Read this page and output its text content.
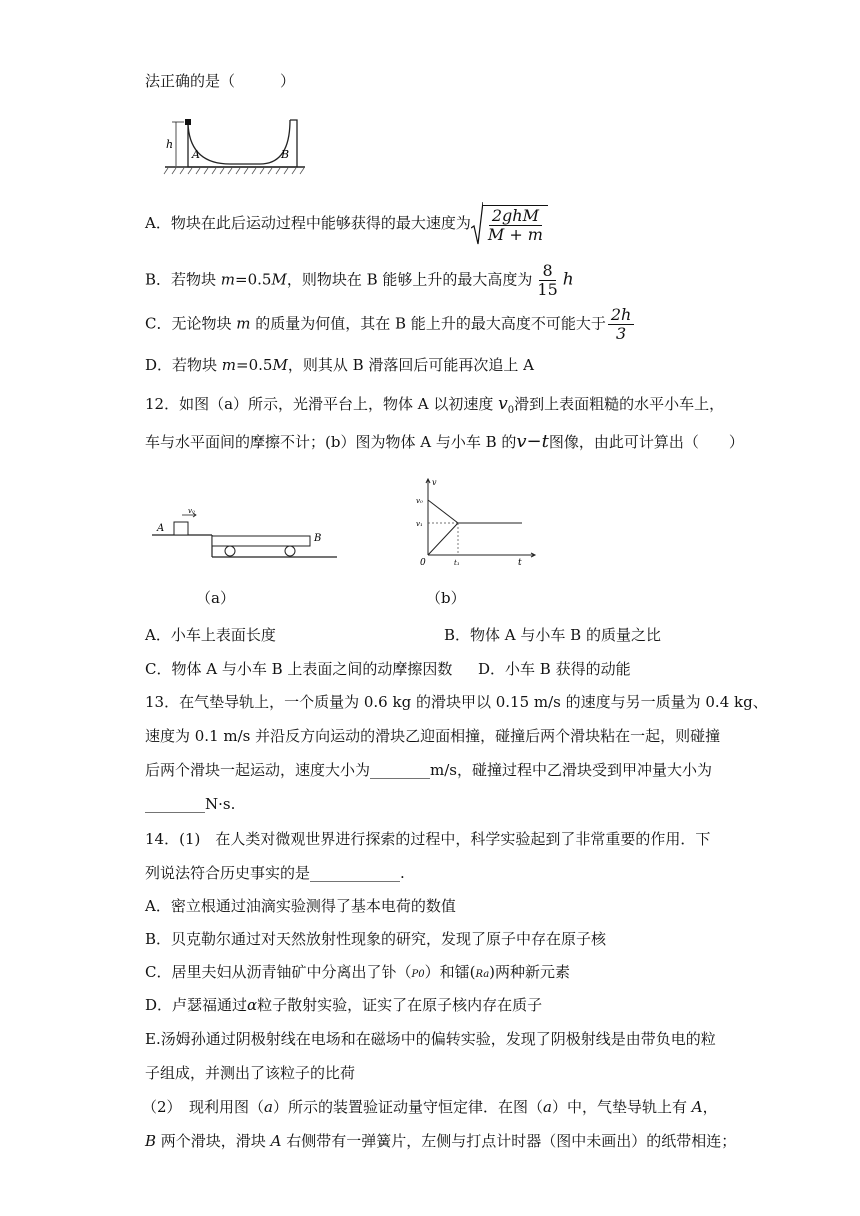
法正确的是（　　　）
h
A	B
A．物块在此后运动过程中能够获得的最大速度为 $\frac{\text{2ghM}}{M + m}$
B．若物块 m=0.5M，则物块在 B 能够上升的最大高度为 $\frac{8}{15}$ h
C．无论物块 m 的质量为何值，其在 B 能上升的最大高度不可能大于 $\frac{2h}{3}$
D．若物块 m=0.5M，则其从 B 滑落回后可能再次追上 A
12．如图（a）所示，光滑平台上，物体 A 以初速度 $v_0$滑到上表面粗糙的水平小车上，
车与水平面间的摩擦不计；(b）图为物体 A 与小车 B 的v−t图像，由此可计算出（　　）
A
B
v₀
（a）
v
v₀
v₁
0	t₁	t
（b）
A．小车上表面长度	B．物体 A 与小车 B 的质量之比
C．物体 A 与小车 B 上表面之间的动摩擦因数 D．小车 B 获得的动能
13．在气垫导轨上，一个质量为 0.6 kg 的滑块甲以 0.15 m/s 的速度与另一质量为 0.4 kg、
速度为 0.1 m/s 并沿反方向运动的滑块乙迎面相撞，碰撞后两个滑块粘在一起，则碰撞
后两个滑块一起运动，速度大小为________m/s，碰撞过程中乙滑块受到甲冲量大小为
________N·s.
14．(1)　在人类对微观世界进行探索的过程中，科学实验起到了非常重要的作用．下
列说法符合历史事实的是____________.
A．密立根通过油滴实验测得了基本电荷的数值
B．贝克勒尔通过对天然放射性现象的研究，发现了原子中存在原子核
C．居里夫妇从沥青铀矿中分离出了钋（P0）和镭(Ra)两种新元素
D．卢瑟福通过α粒子散射实验，证实了在原子核内存在质子
E.汤姆孙通过阴极射线在电场和在磁场中的偏转实验，发现了阴极射线是由带负电的粒
子组成，并测出了该粒子的比荷
（2）　现利用图（a）所示的装置验证动量守恒定律．在图（a）中，气垫导轨上有 A，
B 两个滑块，滑块 A 右侧带有一弹簧片，左侧与打点计时器（图中未画出）的纸带相连；
